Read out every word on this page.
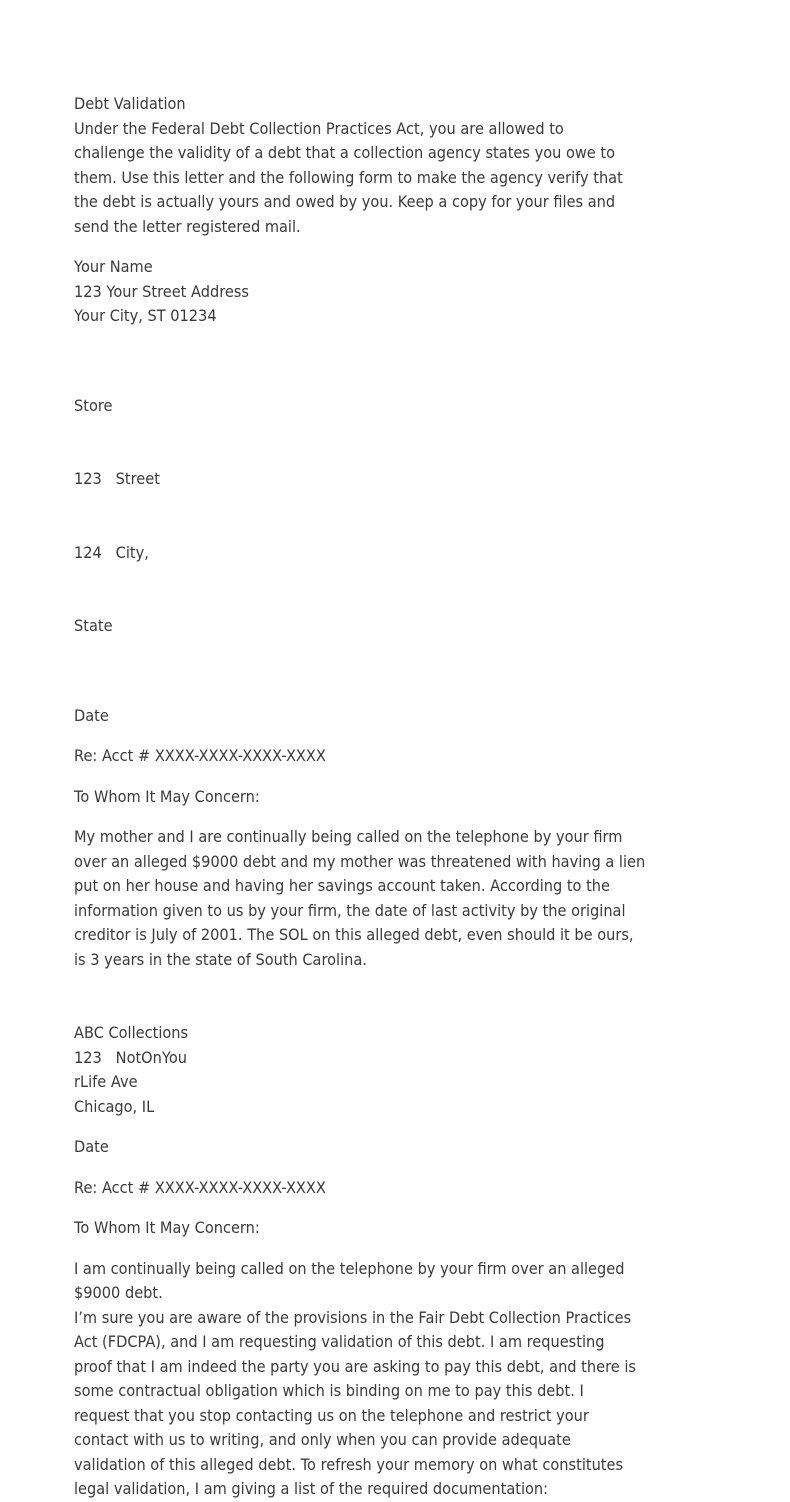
Debt Validation
Under the Federal Debt Collection Practices Act, you are allowed to
challenge the validity of a debt that a collection agency states you owe to
them. Use this letter and the following form to make the agency verify that
the debt is actually yours and owed by you. Keep a copy for your files and
send the letter registered mail.
Your Name
123 Your Street Address
Your City, ST 01234

Store

123   Street

124   City,

State

Date
Re: Acct # XXXX-XXXX-XXXX-XXXX
To Whom It May Concern:
My mother and I are continually being called on the telephone by your firm
over an alleged $9000 debt and my mother was threatened with having a lien
put on her house and having her savings account taken. According to the
information given to us by your firm, the date of last activity by the original
creditor is July of 2001. The SOL on this alleged debt, even should it be ours,
is 3 years in the state of South Carolina.
ABC Collections
123   NotOnYou
rLife Ave
Chicago, IL
Date
Re: Acct # XXXX-XXXX-XXXX-XXXX
To Whom It May Concern:
I am continually being called on the telephone by your firm over an alleged
$9000 debt.
I’m sure you are aware of the provisions in the Fair Debt Collection Practices
Act (FDCPA), and I am requesting validation of this debt. I am requesting
proof that I am indeed the party you are asking to pay this debt, and there is
some contractual obligation which is binding on me to pay this debt. I
request that you stop contacting us on the telephone and restrict your
contact with us to writing, and only when you can provide adequate
validation of this alleged debt. To refresh your memory on what constitutes
legal validation, I am giving a list of the required documentation:
